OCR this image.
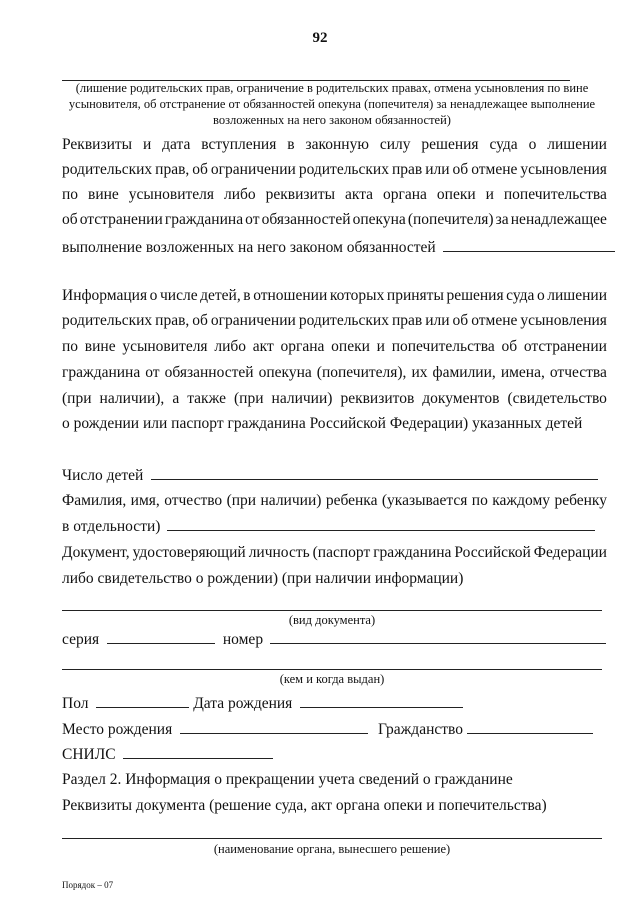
92
(лишение родительских прав, ограничение в родительских правах, отмена усыновления по вине
усыновителя, об отстранение от обязанностей опекуна (попечителя) за ненадлежащее выполнение
возложенных на него законом обязанностей)
Реквизиты и дата вступления в законную силу решения суда о лишении
родительских прав, об ограничении родительских прав или об отмене усыновления
по вине усыновителя либо реквизиты акта органа опеки и попечительства
об отстранении гражданина от обязанностей опекуна (попечителя) за ненадлежащее
выполнение возложенных на него законом обязанностей
Информация о числе детей, в отношении которых приняты решения суда о лишении
родительских прав, об ограничении родительских прав или об отмене усыновления
по вине усыновителя либо акт органа опеки и попечительства об отстранении
гражданина от обязанностей опекуна (попечителя), их фамилии, имена, отчества
(при наличии), а также (при наличии) реквизитов документов (свидетельство
о рождении или паспорт гражданина Российской Федерации) указанных детей
Число детей
Фамилия, имя, отчество (при наличии) ребенка (указывается по каждому ребенку
в отдельности)
Документ, удостоверяющий личность (паспорт гражданина Российской Федерации
либо свидетельство о рождении) (при наличии информации)
(вид документа)
серия	номер
(кем и когда выдан)
Пол	Дата рождения
Место рождения	Гражданство
СНИЛС
Раздел 2. Информация о прекращении учета сведений о гражданине
Реквизиты документа (решение суда, акт органа опеки и попечительства)
(наименование органа, вынесшего решение)
Порядок – 07
